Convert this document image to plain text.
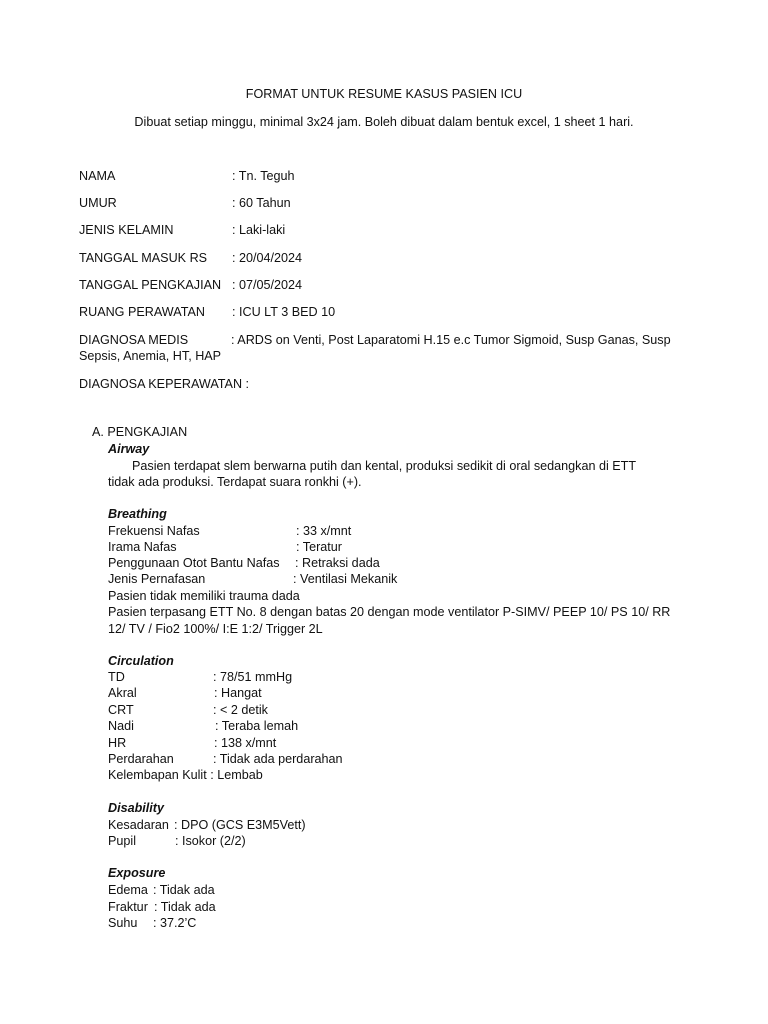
FORMAT UNTUK RESUME KASUS PASIEN ICU
Dibuat setiap minggu, minimal 3x24 jam. Boleh dibuat dalam bentuk excel, 1 sheet 1 hari.
NAMA	: Tn. Teguh
UMUR	: 60 Tahun
JENIS KELAMIN	: Laki-laki
TANGGAL MASUK RS : 20/04/2024
TANGGAL PENGKAJIAN : 07/05/2024
RUANG PERAWATAN : ICU LT 3 BED 10
DIAGNOSA MEDIS	: ARDS on Venti, Post Laparatomi H.15 e.c Tumor Sigmoid, Susp Ganas, Susp
Sepsis, Anemia, HT, HAP
DIAGNOSA KEPERAWATAN :
A. PENGKAJIAN
Airway
Pasien terdapat slem berwarna putih dan kental, produksi sedikit di oral sedangkan di ETT
tidak ada produksi. Terdapat suara ronkhi (+).
Breathing
Frekuensi Nafas	: 33 x/mnt
Irama Nafas	: Teratur
Penggunaan Otot Bantu Nafas : Retraksi dada
Jenis Pernafasan	: Ventilasi Mekanik
Pasien tidak memiliki trauma dada
Pasien terpasang ETT No. 8 dengan batas 20 dengan mode ventilator P-SIMV/ PEEP 10/ PS 10/ RR
12/ TV / Fio2 100%/ I:E 1:2/ Trigger 2L
Circulation
TD	: 78/51 mmHg
Akral	: Hangat
CRT	: < 2 detik
Nadi	: Teraba lemah
HR	: 138 x/mnt
Perdarahan	: Tidak ada perdarahan
Kelembapan Kulit : Lembab
Disability
Kesadaran : DPO (GCS E3M5Vett)
Pupil	: Isokor (2/2)
Exposure
Edema : Tidak ada
Fraktur : Tidak ada
Suhu : 37.2’C
